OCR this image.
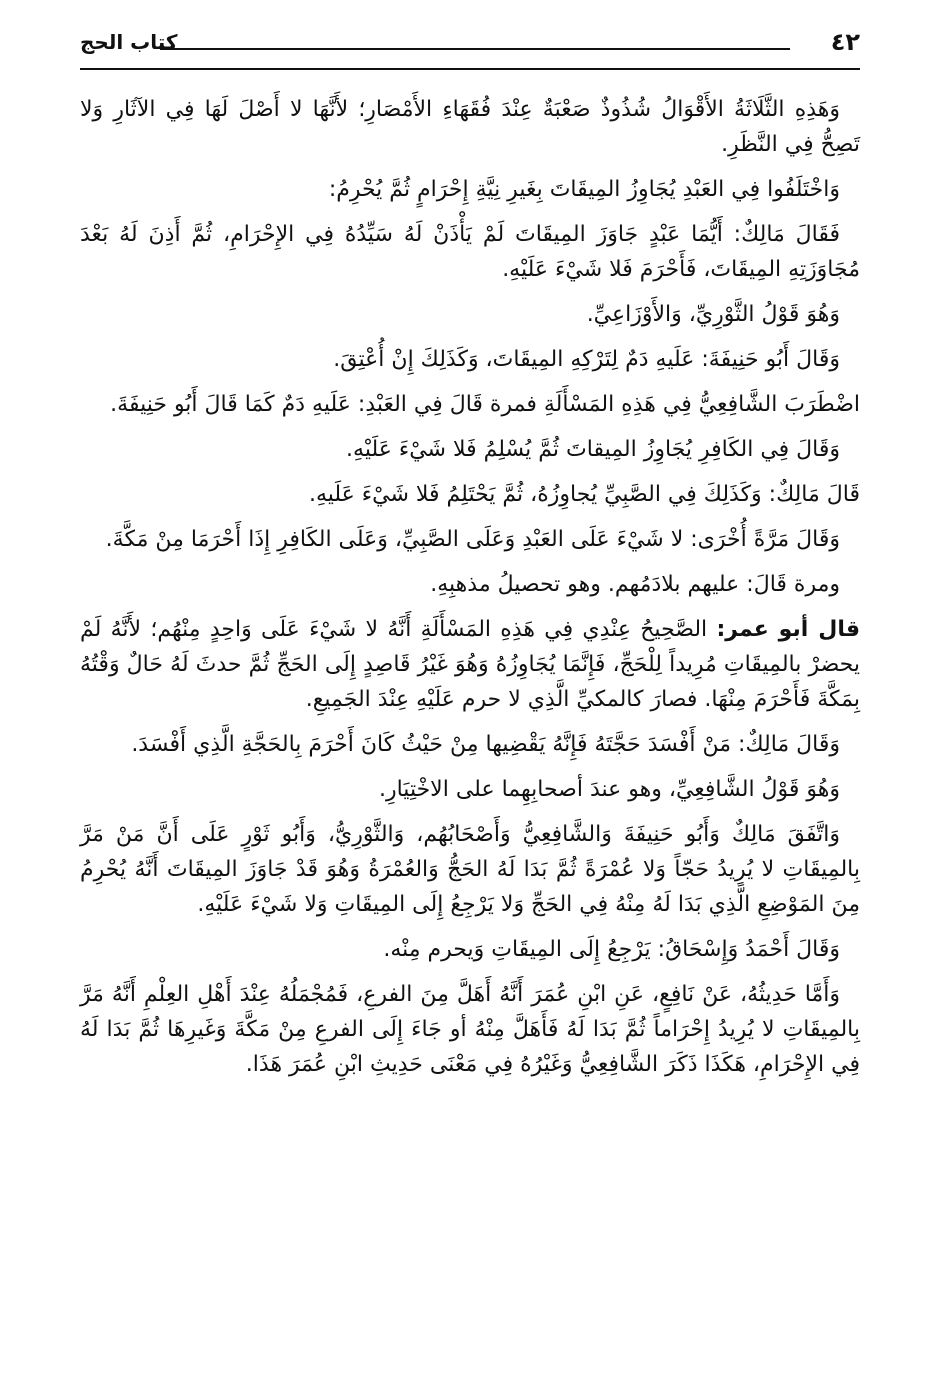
كتاب الحج	٤٢

وَهَذِهِ الثَّلَاثَةُ الأَقْوَالُ شُذُوذٌ صَعْبَةٌ عِنْدَ فُقَهَاءِ الأَمْصَارِ؛ لأَنَّهَا لا أَصْلَ لَهَا فِي الآثَارِ وَلا تَصِحُّ فِي النَّظَرِ.

وَاخْتَلَفُوا فِي العَبْدِ يُجَاوِزُ المِيقَاتَ بِغَيرِ نِيَّةِ إِحْرَامٍ ثُمَّ يُحْرِمُ:

فَقَالَ مَالِكٌ: أَيُّمَا عَبْدٍ جَاوَزَ المِيقَاتَ لَمْ يَأْذَنْ لَهُ سَيِّدُهُ فِي الإِحْرَامِ، ثُمَّ أَذِنَ لَهُ بَعْدَ مُجَاوَزَتِهِ المِيقَاتَ، فَأَحْرَمَ فَلا شَيْءَ عَلَيْهِ.

وَهُوَ قَوْلُ الثَّوْرِيِّ، وَالأَوْزَاعِيِّ.

وَقَالَ أَبُو حَنِيفَةَ: عَلَيهِ دَمٌ لِتَرْكِهِ المِيقَاتَ، وَكَذَلِكَ إِنْ أُعْتِقَ.

اضْطَرَبَ الشَّافِعِيُّ فِي هَذِهِ المَسْأَلَةِ فمرة قَالَ فِي العَبْدِ: عَلَيهِ دَمٌ كَمَا قَالَ أَبُو حَنِيفَةَ.

وَقَالَ فِي الكَافِرِ يُجَاوِزُ المِيقاتَ ثُمَّ يُسْلِمُ فَلا شَيْءَ عَلَيْهِ.

قَالَ مَالِكٌ: وَكَذَلِكَ فِي الصَّبِيِّ يُجاوِزُهُ، ثُمَّ يَحْتَلِمُ فَلا شَيْءَ عَلَيهِ.

وَقَالَ مَرَّةً أُخْرَى: لا شَيْءَ عَلَى العَبْدِ وَعَلَى الصَّبِيِّ، وَعَلَى الكَافِرِ إِذَا أَحْرَمَا مِنْ مَكَّةَ.

ومرة قَالَ: عليهم بلادَمُهم. وهو تحصيلُ مذهبِهِ.

قال أبو عمر: الصَّحِيحُ عِنْدِي فِي هَذِهِ المَسْأَلَةِ أَنَّهُ لا شَيْءَ عَلَى وَاحِدٍ مِنْهُم؛ لأَنَّهُ لَمْ يحضرْ بالمِيقَاتِ مُرِيداً لِلْحَجِّ، فَإِنَّمَا يُجَاوِزُهُ وَهُوَ غَيْرُ قَاصِدٍ إِلَى الحَجِّ ثُمَّ حدثَ لَهُ حَالٌ وَقْتُهُ بِمَكَّةَ فَأَحْرَمَ مِنْهَا. فصارَ كالمكيِّ الَّذِي لا حرم عَلَيْهِ عِنْدَ الجَمِيعِ.

وَقَالَ مَالِكٌ: مَنْ أَفْسَدَ حَجَّتَهُ فَإِنَّهُ يَقْضِيها مِنْ حَيْثُ كَانَ أَحْرَمَ بِالحَجَّةِ الَّذِي أَفْسَدَ.

وَهُوَ قَوْلُ الشَّافِعِيِّ، وهو عندَ أصحابِهِما على الاخْتِيَارِ.

وَاتَّفَقَ مَالِكٌ وَأَبُو حَنِيفَةَ وَالشَّافِعِيُّ وَأَصْحَابُهُم، وَالثَّوْرِيُّ، وَأَبُو ثَوْرٍ عَلَى أَنَّ مَنْ مَرَّ بِالمِيقَاتِ لا يُرِيدُ حَجّاً وَلا عُمْرَةً ثُمَّ بَدَا لَهُ الحَجُّ وَالعُمْرَةُ وَهُوَ قَدْ جَاوَزَ المِيقَاتَ أَنَّهُ يُحْرِمُ مِنَ المَوْضِعِ الَّذِي بَدَا لَهُ مِنْهُ فِي الحَجِّ وَلا يَرْجِعُ إِلَى المِيقَاتِ وَلا شَيْءَ عَلَيْهِ.

وَقَالَ أَحْمَدُ وَإِسْحَاقُ: يَرْجِعُ إِلَى المِيقَاتِ وَيحرم مِنْه.

وَأَمَّا حَدِيثُهُ، عَنْ نَافِعٍ، عَنِ ابْنِ عُمَرَ أَنَّهُ أَهَلَّ مِنَ الفرعِ، فَمُجْمَلُهُ عِنْدَ أَهْلِ العِلْمِ أَنَّهُ مَرَّ بِالمِيقَاتِ لا يُرِيدُ إِحْرَاماً ثُمَّ بَدَا لَهُ فَأَهَلَّ مِنْهُ أو جَاءَ إِلَى الفرعِ مِنْ مَكَّةَ وَغَيرِهَا ثُمَّ بَدَا لَهُ فِي الإِحْرَامِ، هَكَذَا ذَكَرَ الشَّافِعِيُّ وَغَيْرُهُ فِي مَعْنَى حَدِيثِ ابْنِ عُمَرَ هَذَا.
